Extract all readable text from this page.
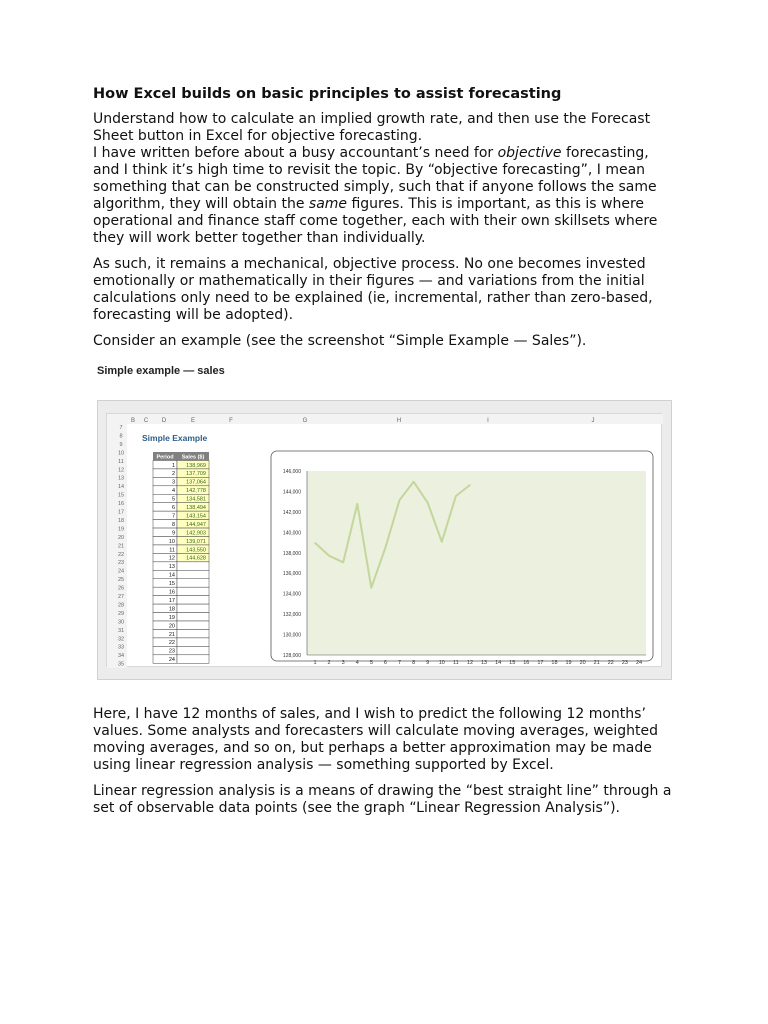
How Excel builds on basic principles to assist forecasting

Understand how to calculate an implied growth rate, and then use the Forecast Sheet button in Excel for objective forecasting.

I have written before about a busy accountant’s need for objective forecasting, and I think it’s high time to revisit the topic. By “objective forecasting”, I mean something that can be constructed simply, such that if anyone follows the same algorithm, they will obtain the same figures. This is important, as this is where operational and finance staff come together, each with their own skillsets where they will work better together than individually.

As such, it remains a mechanical, objective process. No one becomes invested emotionally or mathematically in their figures — and variations from the initial calculations only need to be explained (ie, incremental, rather than zero-based, forecasting will be adopted).

Consider an example (see the screenshot “Simple Example — Sales”).

Simple example — sales
B C D	E	F	G	H	I	J
7
8
9
10
11
12
13
14
15
16
17
18
19
20
21
22
23
24
25
26
27
28
29
30
31
32
33
34
35
Simple Example
Period Sales ($)
1 138,969
2 137,709
3 137,064
4 142,778
5 134,581
6 138,494
7 143,154
8 144,947
9 142,903
10 139,071
11 143,550
12 144,628
13
14
15
16
17
18
19
20
21
22
23
24
128,000
130,000
132,000
134,000
136,000
138,000
140,000
142,000
144,000
146,000
1 2 3 4 5 6 7 8 9 10 11 12 13 14 15 16 17 18 19 20 21 22 23 24

Here, I have 12 months of sales, and I wish to predict the following 12 months’ values. Some analysts and forecasters will calculate moving averages, weighted moving averages, and so on, but perhaps a better approximation may be made using linear regression analysis — something supported by Excel.

Linear regression analysis is a means of drawing the “best straight line” through a set of observable data points (see the graph “Linear Regression Analysis”).
